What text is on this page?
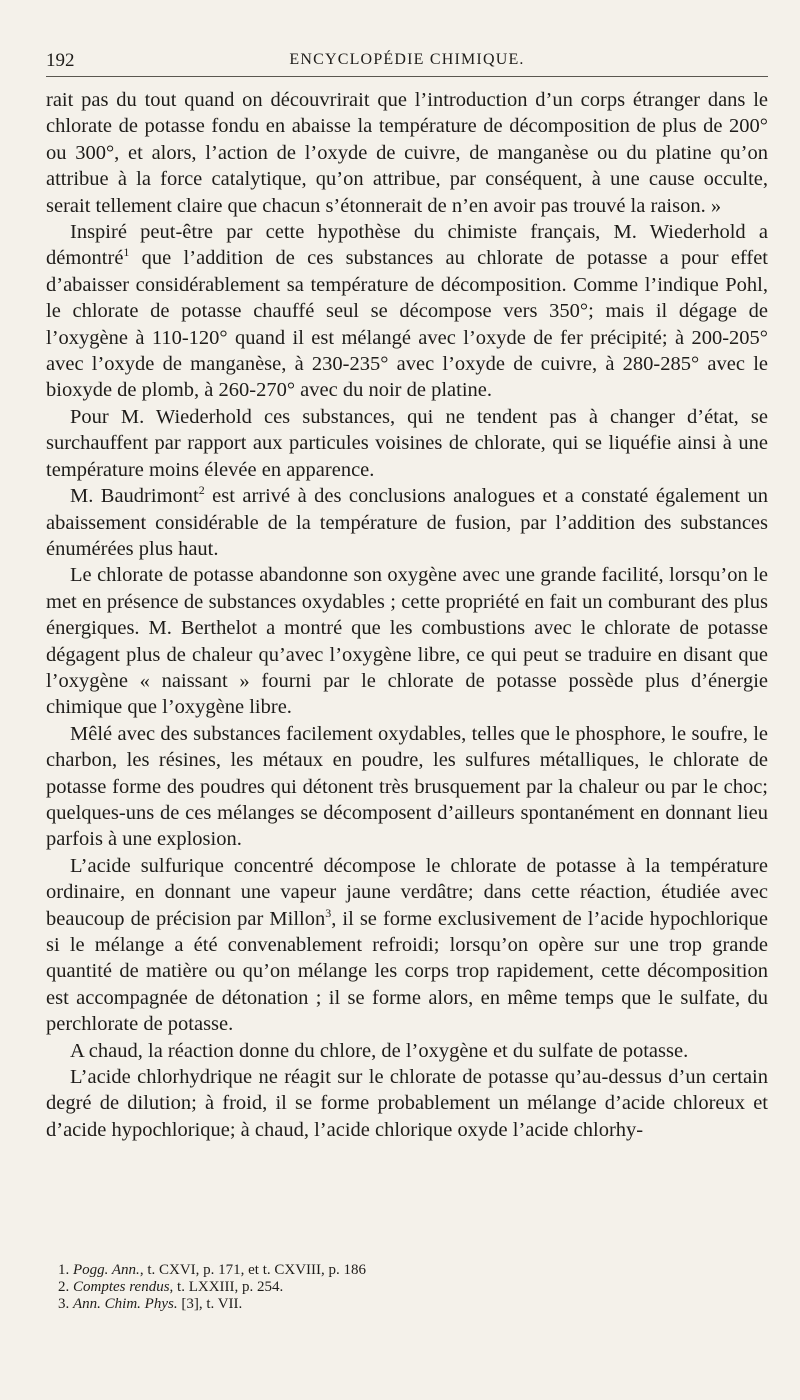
192	ENCYCLOPÉDIE CHIMIQUE.

rait pas du tout quand on découvrirait que l’introduction d’un corps étranger dans le chlorate de potasse fondu en abaisse la température de décomposition de plus de 200° ou 300°, et alors, l’action de l’oxyde de cuivre, de manganèse ou du platine qu’on attribue à la force catalytique, qu’on attribue, par conséquent, à une cause occulte, serait tellement claire que chacun s’étonnerait de n’en avoir pas trouvé la raison. »

Inspiré peut-être par cette hypothèse du chimiste français, M. Wiederhold a démontré$^1$ que l’addition de ces substances au chlorate de potasse a pour effet d’abaisser considérablement sa température de décomposition. Comme l’indique Pohl, le chlorate de potasse chauffé seul se décompose vers 350°; mais il dégage de l’oxygène à 110-120° quand il est mélangé avec l’oxyde de fer précipité; à 200-205° avec l’oxyde de manganèse, à 230-235° avec l’oxyde de cuivre, à 280-285° avec le bioxyde de plomb, à 260-270° avec du noir de platine.

Pour M. Wiederhold ces substances, qui ne tendent pas à changer d’état, se surchauffent par rapport aux particules voisines de chlorate, qui se liquéfie ainsi à une température moins élevée en apparence.

M. Baudrimont$^2$ est arrivé à des conclusions analogues et a constaté également un abaissement considérable de la température de fusion, par l’addition des substances énumérées plus haut.

Le chlorate de potasse abandonne son oxygène avec une grande facilité, lorsqu’on le met en présence de substances oxydables ; cette propriété en fait un comburant des plus énergiques. M. Berthelot a montré que les combustions avec le chlorate de potasse dégagent plus de chaleur qu’avec l’oxygène libre, ce qui peut se traduire en disant que l’oxygène « naissant » fourni par le chlorate de potasse possède plus d’énergie chimique que l’oxygène libre.

Mêlé avec des substances facilement oxydables, telles que le phosphore, le soufre, le charbon, les résines, les métaux en poudre, les sulfures métalliques, le chlorate de potasse forme des poudres qui détonent très brusquement par la chaleur ou par le choc; quelques-uns de ces mélanges se décomposent d’ailleurs spontanément en donnant lieu parfois à une explosion.

L’acide sulfurique concentré décompose le chlorate de potasse à la température ordinaire, en donnant une vapeur jaune verdâtre; dans cette réaction, étudiée avec beaucoup de précision par Millon$^3$, il se forme exclusivement de l’acide hypochlorique si le mélange a été convenablement refroidi; lorsqu’on opère sur une trop grande quantité de matière ou qu’on mélange les corps trop rapidement, cette décomposition est accompagnée de détonation ; il se forme alors, en même temps que le sulfate, du perchlorate de potasse.

A chaud, la réaction donne du chlore, de l’oxygène et du sulfate de potasse.

L’acide chlorhydrique ne réagit sur le chlorate de potasse qu’au-dessus d’un certain degré de dilution; à froid, il se forme probablement un mélange d’acide chloreux et d’acide hypochlorique; à chaud, l’acide chlorique oxyde l’acide chlorhy-

1. Pogg. Ann., t. CXVI, p. 171, et t. CXVIII, p. 186

2. Comptes rendus, t. LXXIII, p. 254.

3. Ann. Chim. Phys. [3], t. VII.
